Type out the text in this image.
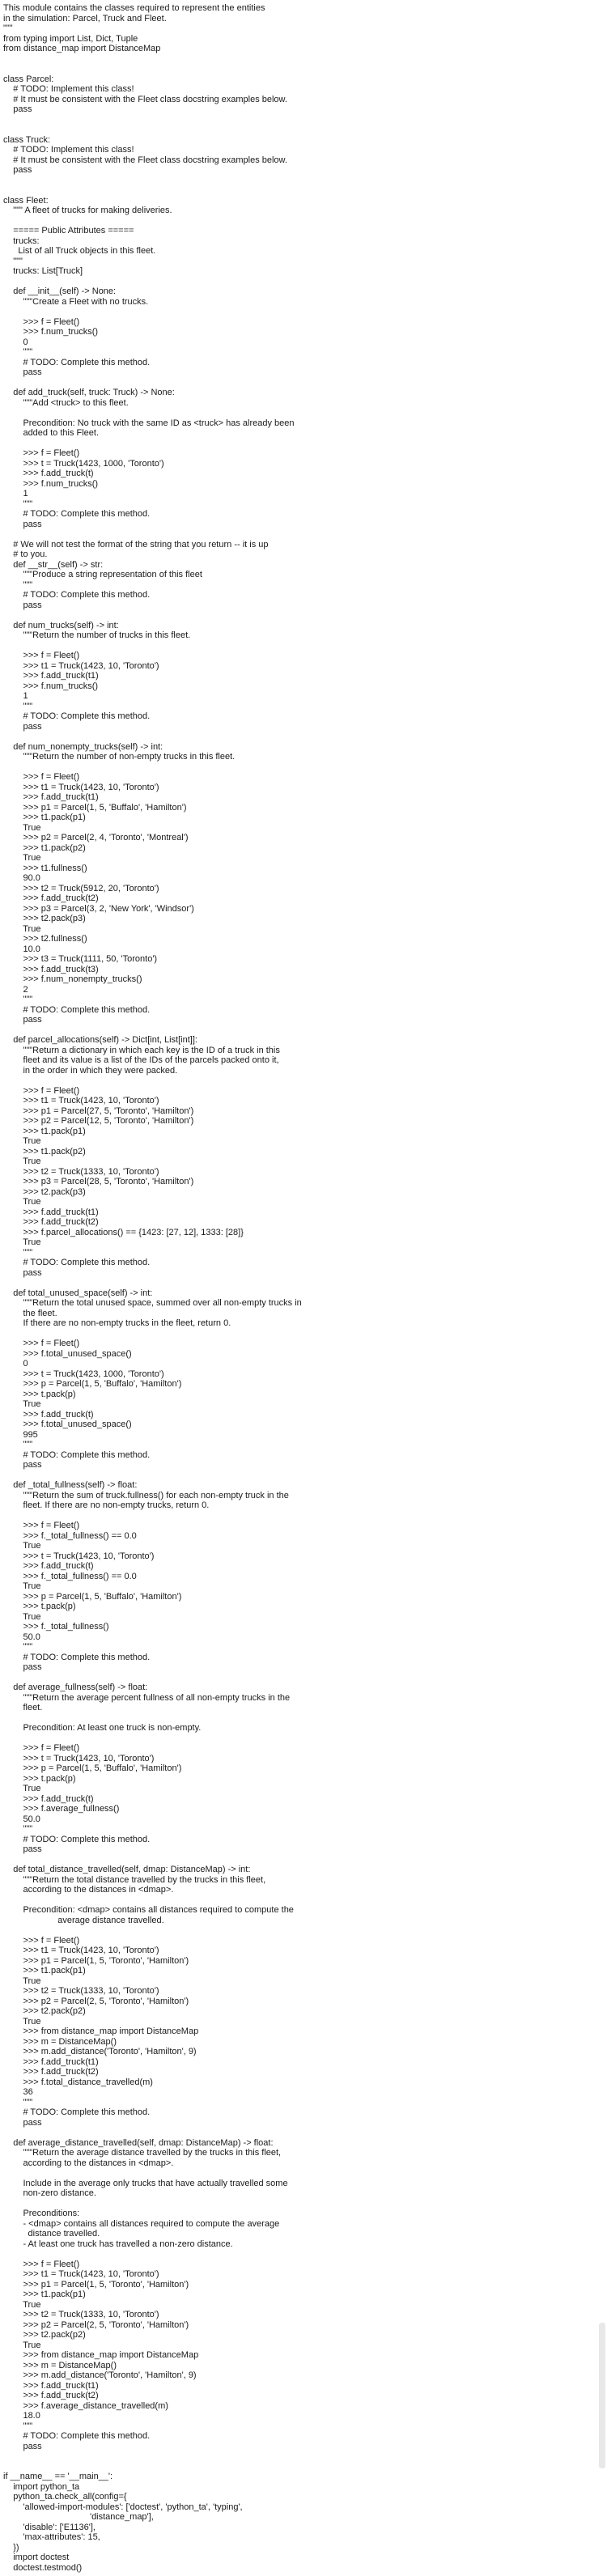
This module contains the classes required to represent the entities
in the simulation: Parcel, Truck and Fleet.
"""
from typing import List, Dict, Tuple
from distance_map import DistanceMap

class Parcel:
# TODO: Implement this class!
# It must be consistent with the Fleet class docstring examples below.
pass

class Truck:
# TODO: Implement this class!
# It must be consistent with the Fleet class docstring examples below.
pass

class Fleet:
""" A fleet of trucks for making deliveries.

===== Public Attributes =====
trucks:
List of all Truck objects in this fleet.
"""
trucks: List[Truck]

def __init__(self) -> None:
"""Create a Fleet with no trucks.

>>> f = Fleet()
>>> f.num_trucks()
0
"""
# TODO: Complete this method.
pass

def add_truck(self, truck: Truck) -> None:
"""Add <truck> to this fleet.

Precondition: No truck with the same ID as <truck> has already been
added to this Fleet.

>>> f = Fleet()
>>> t = Truck(1423, 1000, 'Toronto')
>>> f.add_truck(t)
>>> f.num_trucks()
1
"""
# TODO: Complete this method.
pass

# We will not test the format of the string that you return -- it is up
# to you.
def __str__(self) -> str:
"""Produce a string representation of this fleet
"""
# TODO: Complete this method.
pass

def num_trucks(self) -> int:
"""Return the number of trucks in this fleet.

>>> f = Fleet()
>>> t1 = Truck(1423, 10, 'Toronto')
>>> f.add_truck(t1)
>>> f.num_trucks()
1
"""
# TODO: Complete this method.
pass

def num_nonempty_trucks(self) -> int:
"""Return the number of non-empty trucks in this fleet.

>>> f = Fleet()
>>> t1 = Truck(1423, 10, 'Toronto')
>>> f.add_truck(t1)
>>> p1 = Parcel(1, 5, 'Buffalo', 'Hamilton')
>>> t1.pack(p1)
True
>>> p2 = Parcel(2, 4, 'Toronto', 'Montreal')
>>> t1.pack(p2)
True
>>> t1.fullness()
90.0
>>> t2 = Truck(5912, 20, 'Toronto')
>>> f.add_truck(t2)
>>> p3 = Parcel(3, 2, 'New York', 'Windsor')
>>> t2.pack(p3)
True
>>> t2.fullness()
10.0
>>> t3 = Truck(1111, 50, 'Toronto')
>>> f.add_truck(t3)
>>> f.num_nonempty_trucks()
2
"""
# TODO: Complete this method.
pass

def parcel_allocations(self) -> Dict[int, List[int]]:
"""Return a dictionary in which each key is the ID of a truck in this
fleet and its value is a list of the IDs of the parcels packed onto it,
in the order in which they were packed.

>>> f = Fleet()
>>> t1 = Truck(1423, 10, 'Toronto')
>>> p1 = Parcel(27, 5, 'Toronto', 'Hamilton')
>>> p2 = Parcel(12, 5, 'Toronto', 'Hamilton')
>>> t1.pack(p1)
True
>>> t1.pack(p2)
True
>>> t2 = Truck(1333, 10, 'Toronto')
>>> p3 = Parcel(28, 5, 'Toronto', 'Hamilton')
>>> t2.pack(p3)
True
>>> f.add_truck(t1)
>>> f.add_truck(t2)
>>> f.parcel_allocations() == {1423: [27, 12], 1333: [28]}
True
"""
# TODO: Complete this method.
pass

def total_unused_space(self) -> int:
"""Return the total unused space, summed over all non-empty trucks in
the fleet.
If there are no non-empty trucks in the fleet, return 0.

>>> f = Fleet()
>>> f.total_unused_space()
0
>>> t = Truck(1423, 1000, 'Toronto')
>>> p = Parcel(1, 5, 'Buffalo', 'Hamilton')
>>> t.pack(p)
True
>>> f.add_truck(t)
>>> f.total_unused_space()
995
"""
# TODO: Complete this method.
pass

def _total_fullness(self) -> float:
"""Return the sum of truck.fullness() for each non-empty truck in the
fleet. If there are no non-empty trucks, return 0.

>>> f = Fleet()
>>> f._total_fullness() == 0.0
True
>>> t = Truck(1423, 10, 'Toronto')
>>> f.add_truck(t)
>>> f._total_fullness() == 0.0
True
>>> p = Parcel(1, 5, 'Buffalo', 'Hamilton')
>>> t.pack(p)
True
>>> f._total_fullness()
50.0
"""
# TODO: Complete this method.
pass

def average_fullness(self) -> float:
"""Return the average percent fullness of all non-empty trucks in the
fleet.

Precondition: At least one truck is non-empty.

>>> f = Fleet()
>>> t = Truck(1423, 10, 'Toronto')
>>> p = Parcel(1, 5, 'Buffalo', 'Hamilton')
>>> t.pack(p)
True
>>> f.add_truck(t)
>>> f.average_fullness()
50.0
"""
# TODO: Complete this method.
pass

def total_distance_travelled(self, dmap: DistanceMap) -> int:
"""Return the total distance travelled by the trucks in this fleet,
according to the distances in <dmap>.

Precondition: <dmap> contains all distances required to compute the
average distance travelled.

>>> f = Fleet()
>>> t1 = Truck(1423, 10, 'Toronto')
>>> p1 = Parcel(1, 5, 'Toronto', 'Hamilton')
>>> t1.pack(p1)
True
>>> t2 = Truck(1333, 10, 'Toronto')
>>> p2 = Parcel(2, 5, 'Toronto', 'Hamilton')
>>> t2.pack(p2)
True
>>> from distance_map import DistanceMap
>>> m = DistanceMap()
>>> m.add_distance('Toronto', 'Hamilton', 9)
>>> f.add_truck(t1)
>>> f.add_truck(t2)
>>> f.total_distance_travelled(m)
36
"""
# TODO: Complete this method.
pass

def average_distance_travelled(self, dmap: DistanceMap) -> float:
"""Return the average distance travelled by the trucks in this fleet,
according to the distances in <dmap>.

Include in the average only trucks that have actually travelled some
non-zero distance.

Preconditions:
- <dmap> contains all distances required to compute the average
distance travelled.
- At least one truck has travelled a non-zero distance.

>>> f = Fleet()
>>> t1 = Truck(1423, 10, 'Toronto')
>>> p1 = Parcel(1, 5, 'Toronto', 'Hamilton')
>>> t1.pack(p1)
True
>>> t2 = Truck(1333, 10, 'Toronto')
>>> p2 = Parcel(2, 5, 'Toronto', 'Hamilton')
>>> t2.pack(p2)
True
>>> from distance_map import DistanceMap
>>> m = DistanceMap()
>>> m.add_distance('Toronto', 'Hamilton', 9)
>>> f.add_truck(t1)
>>> f.add_truck(t2)
>>> f.average_distance_travelled(m)
18.0
"""
# TODO: Complete this method.
pass

if __name__ == '__main__':
import python_ta
python_ta.check_all(config={
'allowed-import-modules': ['doctest', 'python_ta', 'typing',
'distance_map'],
'disable': ['E1136'],
'max-attributes': 15,
})
import doctest
doctest.testmod()
